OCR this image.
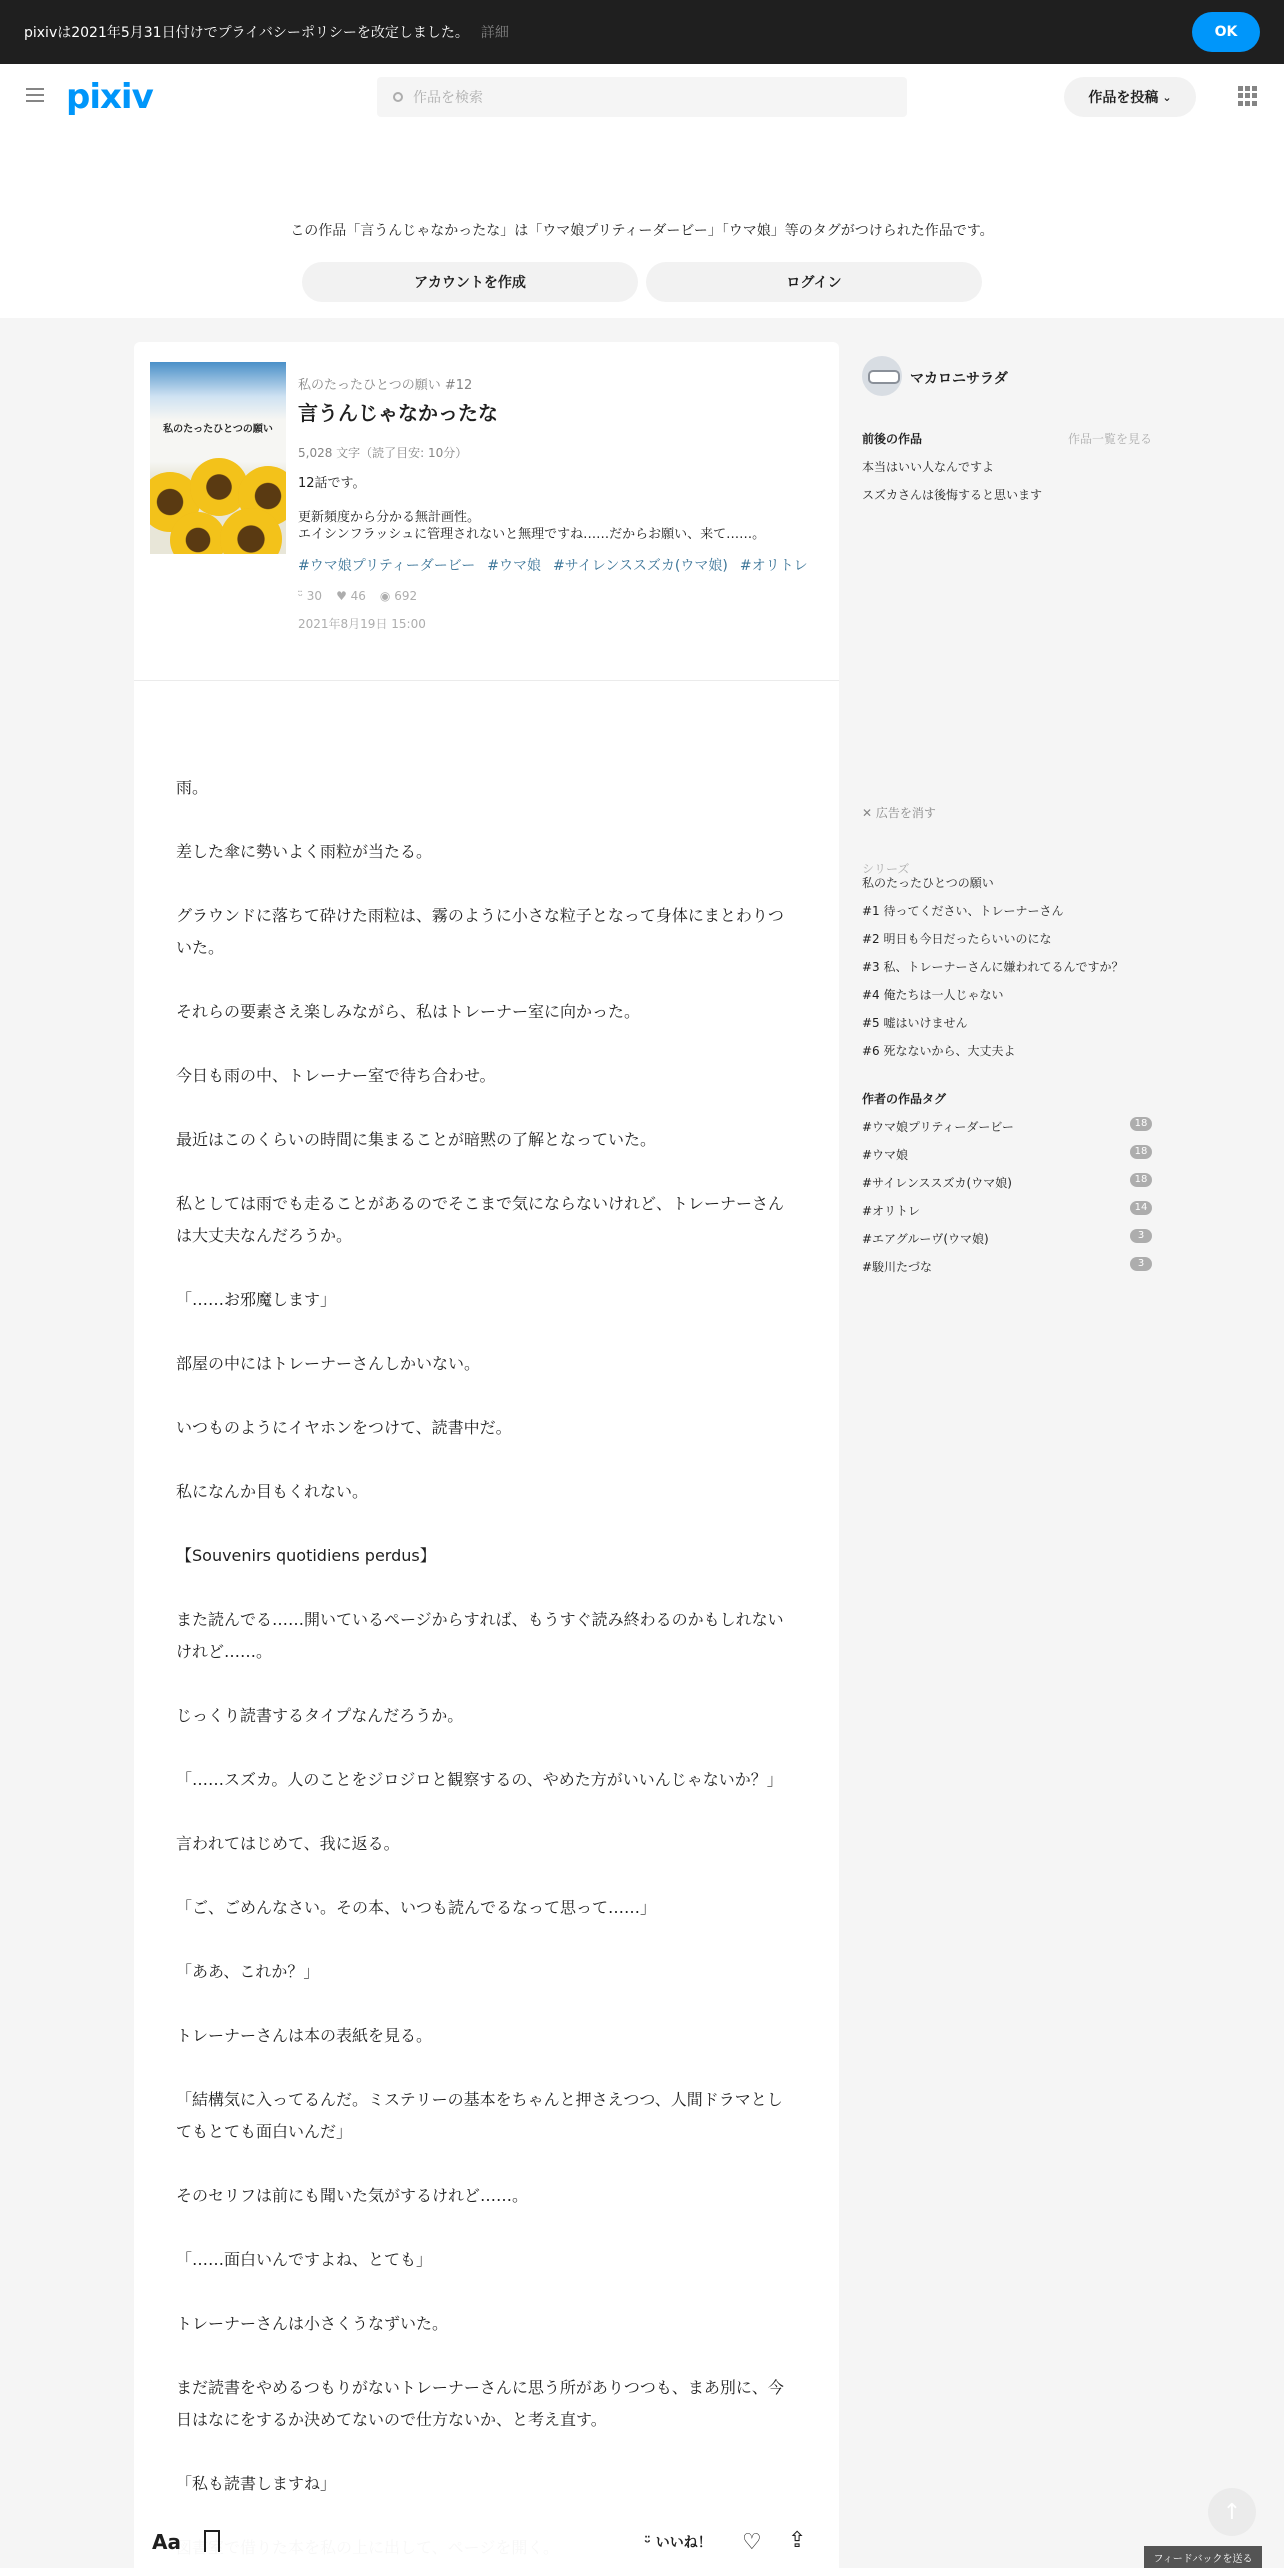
pixivは2021年5月31日付けでプライバシーポリシーを改定しました。 詳細	OK
pixiv	作品を検索	作品を投稿 ⌄
この作品「言うんじゃなかったな」は「ウマ娘プリティーダービー」「ウマ娘」等のタグがつけられた作品です。
アカウントを作成	ログイン
私のたったひとつの願い
私のたったひとつの願い #12
言うんじゃなかったな
5,028 文字（読了目安: 10分）
12話です。
更新頻度から分かる無計画性。
エイシンフラッシュに管理されないと無理ですね……だからお願い、来て……。
#ウマ娘プリティーダービー #ウマ娘 #サイレンススズカ(ウマ娘) #オリトレ
ᵕ̈ 30 ♥ 46 ◉ 692
2021年8月19日 15:00

雨。

差した傘に勢いよく雨粒が当たる。

グラウンドに落ちて砕けた雨粒は、霧のように小さな粒子となって身体にまとわりついた。

それらの要素さえ楽しみながら、私はトレーナー室に向かった。

今日も雨の中、トレーナー室で待ち合わせ。

最近はこのくらいの時間に集まることが暗黙の了解となっていた。

私としては雨でも走ることがあるのでそこまで気にならないけれど、トレーナーさんは大丈夫なんだろうか。

「……お邪魔します」

部屋の中にはトレーナーさんしかいない。

いつものようにイヤホンをつけて、読書中だ。

私になんか目もくれない。

【Souvenirs quotidiens perdus】

また読んでる……開いているページからすれば、もうすぐ読み終わるのかもしれないけれど……。

じっくり読書するタイプなんだろうか。

「……スズカ。人のことをジロジロと観察するの、やめた方がいいんじゃないか？」

言われてはじめて、我に返る。

「ご、ごめんなさい。その本、いつも読んでるなって思って……」

「ああ、これか？」

トレーナーさんは本の表紙を見る。

「結構気に入ってるんだ。ミステリーの基本をちゃんと押さえつつ、人間ドラマとしてもとても面白いんだ」

そのセリフは前にも聞いた気がするけれど……。

「……面白いんですよね、とても」

トレーナーさんは小さくうなずいた。

まだ読書をやめるつもりがないトレーナーさんに思う所がありつつも、まあ別に、今日はなにをするか決めてないので仕方ないか、と考え直す。

「私も読書しますね」

Aa	ᵕ̈ いいね！ ♡ ⇪
マカロニサラダ
前後の作品	作品一覧を見る
本当はいい人なんですよ
スズカさんは後悔すると思います
✕ 広告を消す
シリーズ
私のたったひとつの願い
#1 待ってください、トレーナーさん
#2 明日も今日だったらいいのにな
#3 私、トレーナーさんに嫌われてるんですか？
#4 俺たちは一人じゃない
#5 嘘はいけません
#6 死なないから、大丈夫よ
作者の作品タグ
#ウマ娘プリティーダービー	18
#ウマ娘	18
#サイレンススズカ(ウマ娘)	18
#オリトレ	14
#エアグルーヴ(ウマ娘)	3
#駿川たづな	3
↑
フィードバックを送る
